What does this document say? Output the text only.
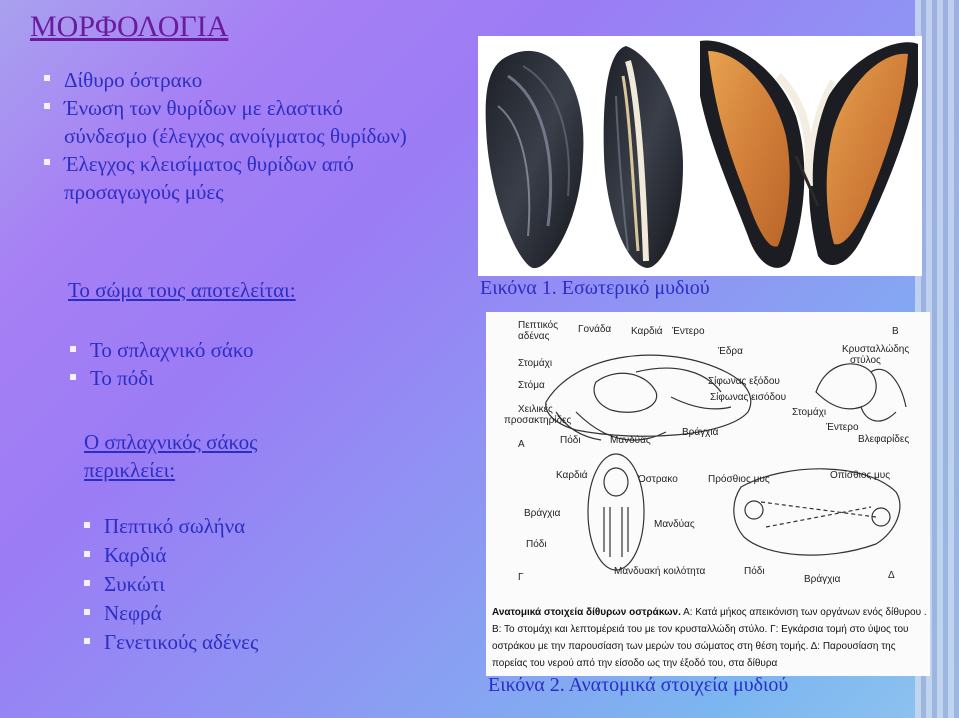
ΜΟΡΦΟΛΟΓΙΑ
Δίθυρο όστρακο
Ένωση των θυρίδων με ελαστικό σύνδεσμο (έλεγχος ανοίγματος θυρίδων)
Έλεγχος κλεισίματος θυρίδων από προσαγωγούς μύες

Το σώμα τους αποτελείται:

Το σπλαχνικό σάκο
Το πόδι

Ο σπλαχνικός σάκος περικλείει:

Πεπτικό σωλήνα
Καρδιά
Συκώτι
Νεφρά
Γενετικούς αδένες

Εικόνα 1. Εσωτερικό μυδιού

Πεπτικός
αδένας
Γονάδα Καρδιά Έντερο
Έδρα
Β
Κρυσταλλώδης
στύλος
Στομάχι
Στόμα	Σίφωνας εξόδου
Σίφωνας εισόδου
Χειλικές
προσακτηρίδες
Στομάχι
Έντερο
Βλεφαρίδες
Βράγχια
Α	Πόδι	Μανδύας
Καρδιά	Όστρακο	Πρόσθιος μυς	Οπίσθιος μυς
Βράγχια
Μανδύας
Πόδι
Μανδυακή κοιλότητα	Πόδι
Γ	Βράγχια	Δ

Ανατομικά στοιχεία δίθυρων οστράκων. Α: Κατά μήκος απεικόνιση των οργάνων ενός δίθυρου . Β: Το στομάχι και λεπτομέρειά του με τον κρυσταλλώδη στύλο. Γ: Εγκάρσια τομή στο ύψος του οστράκου με την παρουσίαση των μερών του σώματος στη θέση τομής. Δ: Παρουσίαση της πορείας του νερού από την είσοδο ως την έξοδό του, στα δίθυρα

Εικόνα 2. Ανατομικά στοιχεία μυδιού
